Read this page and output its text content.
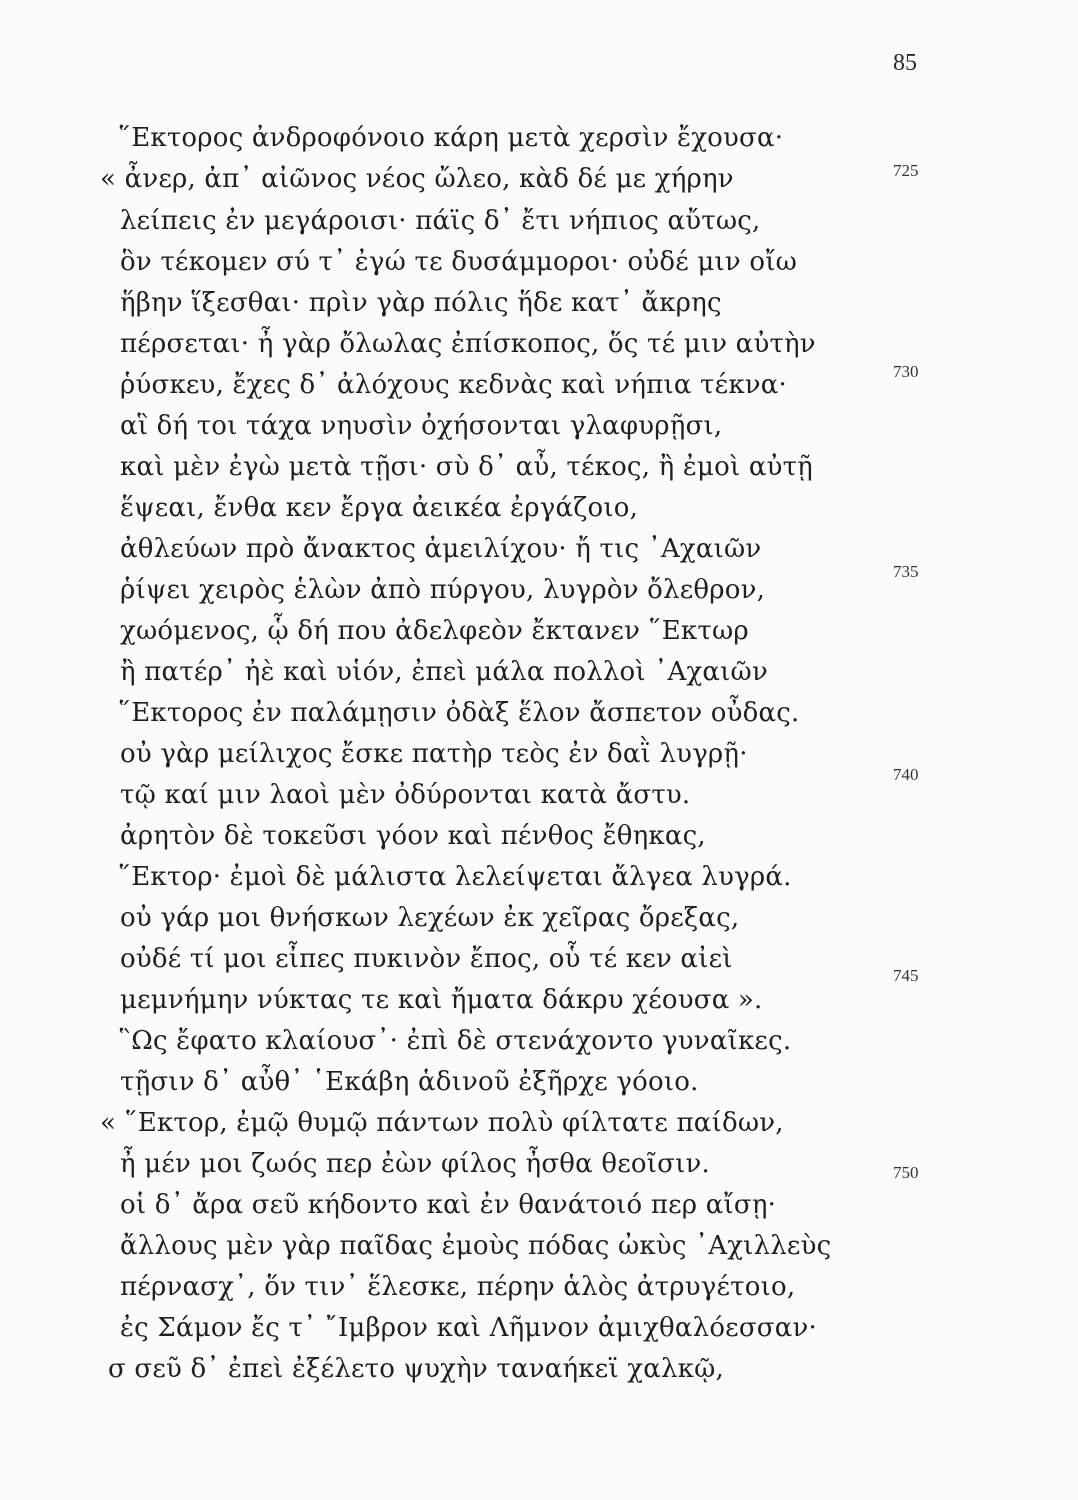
85
῞Εκτορος ἀνδροφόνοιο κάρη μετὰ χερσὶν ἔχουσα·
« ἆνερ, ἀπ᾽ αἰῶνος νέος ὤλεο, κὰδ δέ με χήρην
λείπεις ἐν μεγάροισι· πάϊς δ᾽ ἔτι νήπιος αὔτως,
ὃν τέκομεν σύ τ᾽ ἐγώ τε δυσάμμοροι· οὐδέ μιν οἴω
ἥβην ἵξεσθαι· πρὶν γὰρ πόλις ἥδε κατ᾽ ἄκρης
πέρσεται· ἦ γὰρ ὄλωλας ἐπίσκοπος, ὅς τέ μιν αὐτὴν
ῥύσκευ, ἔχες δ᾽ ἀλόχους κεδνὰς καὶ νήπια τέκνα·
αἳ δή τοι τάχα νηυσὶν ὀχήσονται γλαφυρῇσι,
καὶ μὲν ἐγὼ μετὰ τῇσι· σὺ δ᾽ αὖ, τέκος, ἢ ἐμοὶ αὐτῇ
ἕψεαι, ἔνθα κεν ἔργα ἀεικέα ἐργάζοιο,
ἀθλεύων πρὸ ἄνακτος ἀμειλίχου· ἤ τις ᾽Αχαιῶν
ῥίψει χειρὸς ἑλὼν ἀπὸ πύργου, λυγρὸν ὄλεθρον,
χωόμενος, ᾧ δή που ἀδελφεὸν ἔκτανεν ῞Εκτωρ
ἢ πατέρ᾽ ἠὲ καὶ υἱόν, ἐπεὶ μάλα πολλοὶ ᾽Αχαιῶν
῞Εκτορος ἐν παλάμῃσιν ὀδὰξ ἕλον ἄσπετον οὖδας.
οὐ γὰρ μείλιχος ἔσκε πατὴρ τεὸς ἐν δαῒ λυγρῇ·
τῷ καί μιν λαοὶ μὲν ὀδύρονται κατὰ ἄστυ.
ἀρητὸν δὲ τοκεῦσι γόον καὶ πένθος ἔθηκας,
῞Εκτορ· ἐμοὶ δὲ μάλιστα λελείψεται ἄλγεα λυγρά.
οὐ γάρ μοι θνήσκων λεχέων ἐκ χεῖρας ὄρεξας,
οὐδέ τί μοι εἶπες πυκινὸν ἔπος, οὗ τέ κεν αἰεὶ
μεμνήμην νύκτας τε καὶ ἤματα δάκρυ χέουσα ».
῝Ως ἔφατο κλαίουσ᾽· ἐπὶ δὲ στενάχοντο γυναῖκες.
τῇσιν δ᾽ αὖθ᾽ ῾Εκάβη ἁδινοῦ ἐξῆρχε γόοιο.
« ῞Εκτορ, ἐμῷ θυμῷ πάντων πολὺ φίλτατε παίδων,
ἦ μέν μοι ζωός περ ἐὼν φίλος ἦσθα θεοῖσιν.
οἱ δ᾽ ἄρα σεῦ κήδοντο καὶ ἐν θανάτοιό περ αἴσῃ·
ἄλλους μὲν γὰρ παῖδας ἐμοὺς πόδας ὠκὺς ᾽Αχιλλεὺς
πέρνασχ᾽, ὅν τιν᾽ ἕλεσκε, πέρην ἁλὸς ἀτρυγέτοιο,
ἐς Σάμον ἔς τ᾽ ῎Ιμβρον καὶ Λῆμνον ἀμιχθαλόεσσαν·
σ σεῦ δ᾽ ἐπεὶ ἐξέλετο ψυχὴν ταναήκεϊ χαλκῷ,
725
730
735
740
745
750
